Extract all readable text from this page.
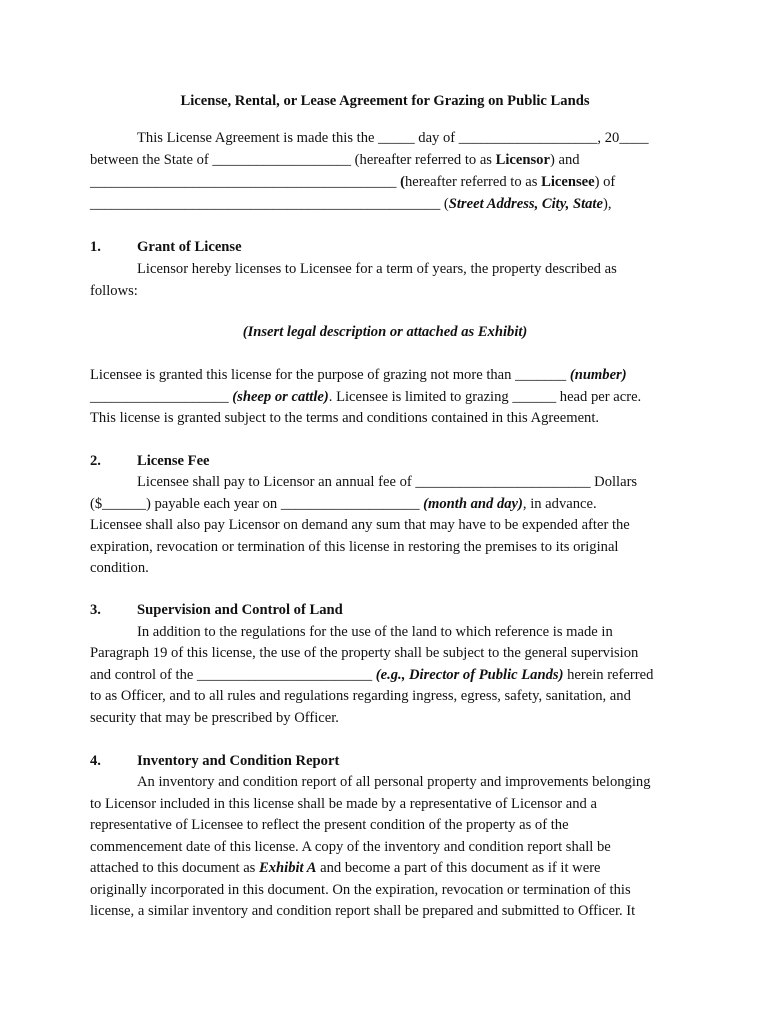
License, Rental, or Lease Agreement for Grazing on Public Lands
This License Agreement is made this the _____ day of ___________________, 20____
between the State of ___________________ (hereafter referred to as Licensor) and
__________________________________________ (hereafter referred to as Licensee) of
________________________________________________ (Street Address, City, State),
1. Grant of License
Licensor hereby licenses to Licensee for a term of years, the property described as
follows:
(Insert legal description or attached as Exhibit)
Licensee is granted this license for the purpose of grazing not more than _______ (number)
___________________ (sheep or cattle). Licensee is limited to grazing ______ head per acre.
This license is granted subject to the terms and conditions contained in this Agreement.
2. License Fee
Licensee shall pay to Licensor an annual fee of ________________________ Dollars
($______) payable each year on ___________________ (month and day), in advance.
Licensee shall also pay Licensor on demand any sum that may have to be expended after the
expiration, revocation or termination of this license in restoring the premises to its original
condition.
3. Supervision and Control of Land
In addition to the regulations for the use of the land to which reference is made in
Paragraph 19 of this license, the use of the property shall be subject to the general supervision
and control of the ________________________ (e.g., Director of Public Lands) herein referred
to as Officer, and to all rules and regulations regarding ingress, egress, safety, sanitation, and
security that may be prescribed by Officer.
4. Inventory and Condition Report
An inventory and condition report of all personal property and improvements belonging
to Licensor included in this license shall be made by a representative of Licensor and a
representative of Licensee to reflect the present condition of the property as of the
commencement date of this license. A copy of the inventory and condition report shall be
attached to this document as Exhibit A and become a part of this document as if it were
originally incorporated in this document. On the expiration, revocation or termination of this
license, a similar inventory and condition report shall be prepared and submitted to Officer. It
